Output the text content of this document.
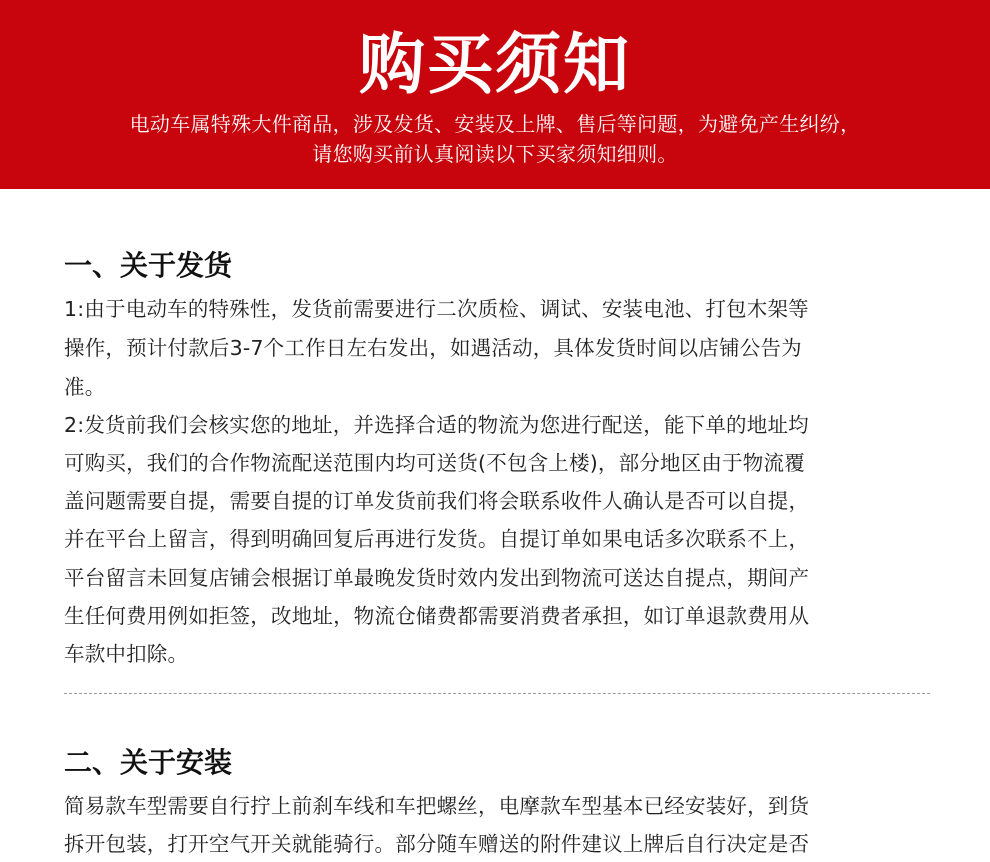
购买须知
电动车属特殊大件商品，涉及发货、安装及上牌、售后等问题，为避免产生纠纷，
请您购买前认真阅读以下买家须知细则。
一、关于发货
1:由于电动车的特殊性，发货前需要进行二次质检、调试、安装电池、打包木架等
操作，预计付款后3-7个工作日左右发出，如遇活动，具体发货时间以店铺公告为
准。
2:发货前我们会核实您的地址，并选择合适的物流为您进行配送，能下单的地址均
可购买，我们的合作物流配送范围内均可送货(不包含上楼)，部分地区由于物流覆
盖问题需要自提，需要自提的订单发货前我们将会联系收件人确认是否可以自提，
并在平台上留言，得到明确回复后再进行发货。自提订单如果电话多次联系不上，
平台留言未回复店铺会根据订单最晚发货时效内发出到物流可送达自提点，期间产
生任何费用例如拒签，改地址，物流仓储费都需要消费者承担，如订单退款费用从
车款中扣除。
二、关于安装
简易款车型需要自行拧上前刹车线和车把螺丝，电摩款车型基本已经安装好，到货
拆开包装，打开空气开关就能骑行。部分随车赠送的附件建议上牌后自行决定是否
